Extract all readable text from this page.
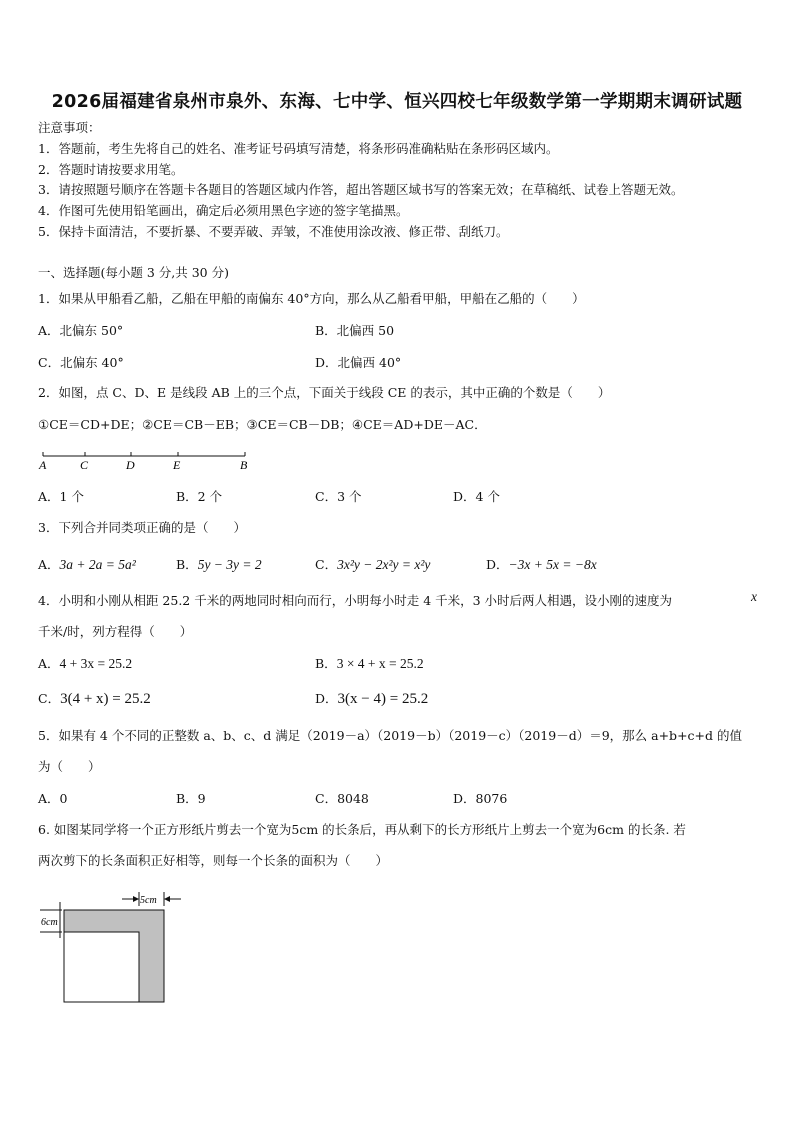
2026届福建省泉州市泉外、东海、七中学、恒兴四校七年级数学第一学期期末调研试题
注意事项：
1．答题前，考生先将自己的姓名、准考证号码填写清楚，将条形码准确粘贴在条形码区域内。
2．答题时请按要求用笔。
3．请按照题号顺序在答题卡各题目的答题区域内作答，超出答题区域书写的答案无效；在草稿纸、试卷上答题无效。
4．作图可先使用铅笔画出，确定后必须用黑色字迹的签字笔描黑。
5．保持卡面清洁，不要折暴、不要弄破、弄皱，不准使用涂改液、修正带、刮纸刀。
一、选择题(每小题 3 分,共 30 分)
1．如果从甲船看乙船，乙船在甲船的南偏东 40°方向，那么从乙船看甲船，甲船在乙船的（　　）
A．北偏东 50°	B．北偏西 50
C．北偏东 40°	D．北偏西 40°
2．如图，点 C、D、E 是线段 AB 上的三个点，下面关于线段 CE 的表示，其中正确的个数是（　　）
①CE＝CD+DE；②CE＝CB－EB；③CE＝CB－DB；④CE＝AD+DE－AC．
A	C	D	E	B
A．1 个	B．2 个	C．3 个	D．4 个
3．下列合并同类项正确的是（　　）
A．3a + 2a = 5a²	B．5y − 3y = 2	C．3x²y − 2x²y = x²y	D．−3x + 5x = −8x
4．小明和小刚从相距 25.2 千米的两地同时相向而行，小明每小时走 4 千米，3 小时后两人相遇，设小刚的速度为	x
千米/时，列方程得（　　）
A．4 + 3x = 25.2	B．3 × 4 + x = 25.2
C．3(4 + x) = 25.2	D．3(x − 4) = 25.2
5．如果有 4 个不同的正整数 a、b、c、d 满足（2019－a）（2019－b）（2019－c）（2019－d）＝9，那么 a+b+c+d 的值
为（　　）
A．0	B．9	C．8048	D．8076
6. 如图某同学将一个正方形纸片剪去一个宽为5cm 的长条后，再从剩下的长方形纸片上剪去一个宽为6cm 的长条. 若
两次剪下的长条面积正好相等，则每一个长条的面积为（　　）
5cm
6cm
